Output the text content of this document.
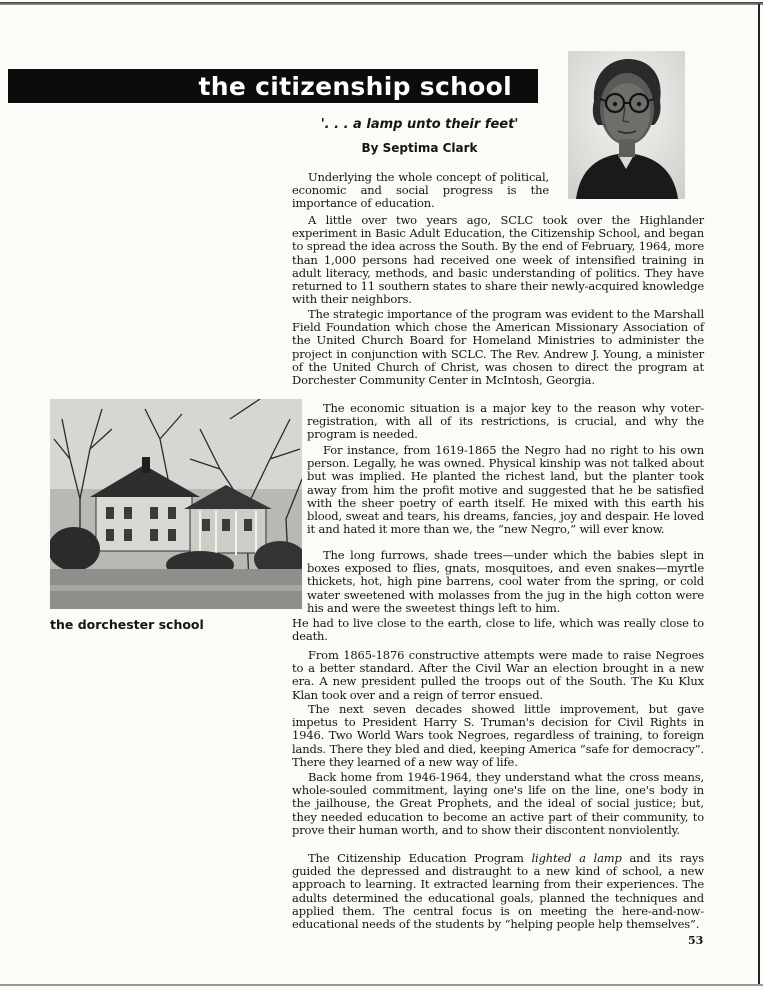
the citizenship school
'. . . a lamp unto their feet'
By Septima Clark
the dorchester school

Underlying the whole concept of political, economic and social progress is the importance of education.

A little over two years ago, SCLC took over the Highlander experiment in Basic Adult Education, the Citizenship School, and began to spread the idea across the South. By the end of February, 1964, more than 1,000 persons had received one week of intensified training in adult literacy, methods, and basic understanding of politics. They have returned to 11 southern states to share their newly-acquired knowledge with their neighbors.

The strategic importance of the program was evident to the Marshall Field Foundation which chose the American Missionary Association of the United Church Board for Homeland Ministries to administer the project in conjunction with SCLC. The Rev. Andrew J. Young, a minister of the United Church of Christ, was chosen to direct the program at Dorchester Community Center in McIntosh, Georgia.

The economic situation is a major key to the reason why voter-registration, with all of its restrictions, is crucial, and why the program is needed.

For instance, from 1619-1865 the Negro had no right to his own person. Legally, he was owned. Physical kinship was not talked about but was implied. He planted the richest land, but the planter took away from him the profit motive and suggested that he be satisfied with the sheer poetry of earth itself. He mixed with this earth his blood, sweat and tears, his dreams, fancies, joy and despair. He loved it and hated it more than we, the “new Negro,” will ever know.

The long furrows, shade trees—under which the babies slept in boxes exposed to flies, gnats, mosquitoes, and even snakes—myrtle thickets, hot, high pine barrens, cool water from the spring, or cold water sweetened with molasses from the jug in the high cotton were his and were the sweetest things left to him.

He had to live close to the earth, close to life, which was really close to death.

From 1865-1876 constructive attempts were made to raise Negroes to a better standard. After the Civil War an election brought in a new era. A new president pulled the troops out of the South. The Ku Klux Klan took over and a reign of terror ensued.

The next seven decades showed little improvement, but gave impetus to President Harry S. Truman's decision for Civil Rights in 1946. Two World Wars took Negroes, regardless of training, to foreign lands. There they bled and died, keeping America “safe for democracy”. There they learned of a new way of life.

Back home from 1946-1964, they understand what the cross means, whole-souled commitment, laying one's life on the line, one's body in the jailhouse, the Great Prophets, and the ideal of social justice; but, they needed education to become an active part of their community, to prove their human worth, and to show their discontent nonviolently.

The Citizenship Education Program lighted a lamp and its rays guided the depressed and distraught to a new kind of school, a new approach to learning. It extracted learning from their experiences. The adults determined the educational goals, planned the techniques and applied them. The central focus is on meeting the here-and-now-educational needs of the students by “helping people help themselves”.

53
